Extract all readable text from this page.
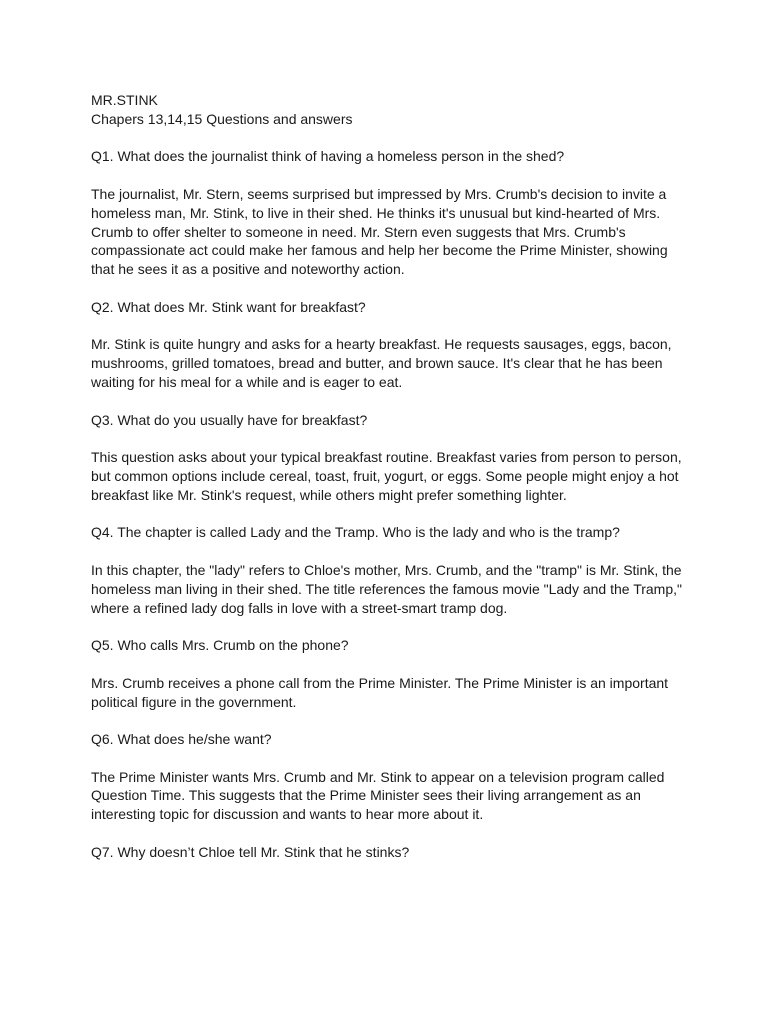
MR.STINK

Chapers 13,14,15 Questions and answers

Q1. What does the journalist think of having a homeless person in the shed?

The journalist, Mr. Stern, seems surprised but impressed by Mrs. Crumb's decision to invite a

homeless man, Mr. Stink, to live in their shed. He thinks it's unusual but kind-hearted of Mrs.

Crumb to offer shelter to someone in need. Mr. Stern even suggests that Mrs. Crumb's

compassionate act could make her famous and help her become the Prime Minister, showing

that he sees it as a positive and noteworthy action.

Q2. What does Mr. Stink want for breakfast?

Mr. Stink is quite hungry and asks for a hearty breakfast. He requests sausages, eggs, bacon,

mushrooms, grilled tomatoes, bread and butter, and brown sauce. It's clear that he has been

waiting for his meal for a while and is eager to eat.

Q3. What do you usually have for breakfast?

This question asks about your typical breakfast routine. Breakfast varies from person to person,

but common options include cereal, toast, fruit, yogurt, or eggs. Some people might enjoy a hot

breakfast like Mr. Stink's request, while others might prefer something lighter.

Q4. The chapter is called Lady and the Tramp. Who is the lady and who is the tramp?

In this chapter, the "lady" refers to Chloe's mother, Mrs. Crumb, and the "tramp" is Mr. Stink, the

homeless man living in their shed. The title references the famous movie "Lady and the Tramp,"

where a refined lady dog falls in love with a street-smart tramp dog.

Q5. Who calls Mrs. Crumb on the phone?

Mrs. Crumb receives a phone call from the Prime Minister. The Prime Minister is an important

political figure in the government.

Q6. What does he/she want?

The Prime Minister wants Mrs. Crumb and Mr. Stink to appear on a television program called

Question Time. This suggests that the Prime Minister sees their living arrangement as an

interesting topic for discussion and wants to hear more about it.

Q7. Why doesn’t Chloe tell Mr. Stink that he stinks?
